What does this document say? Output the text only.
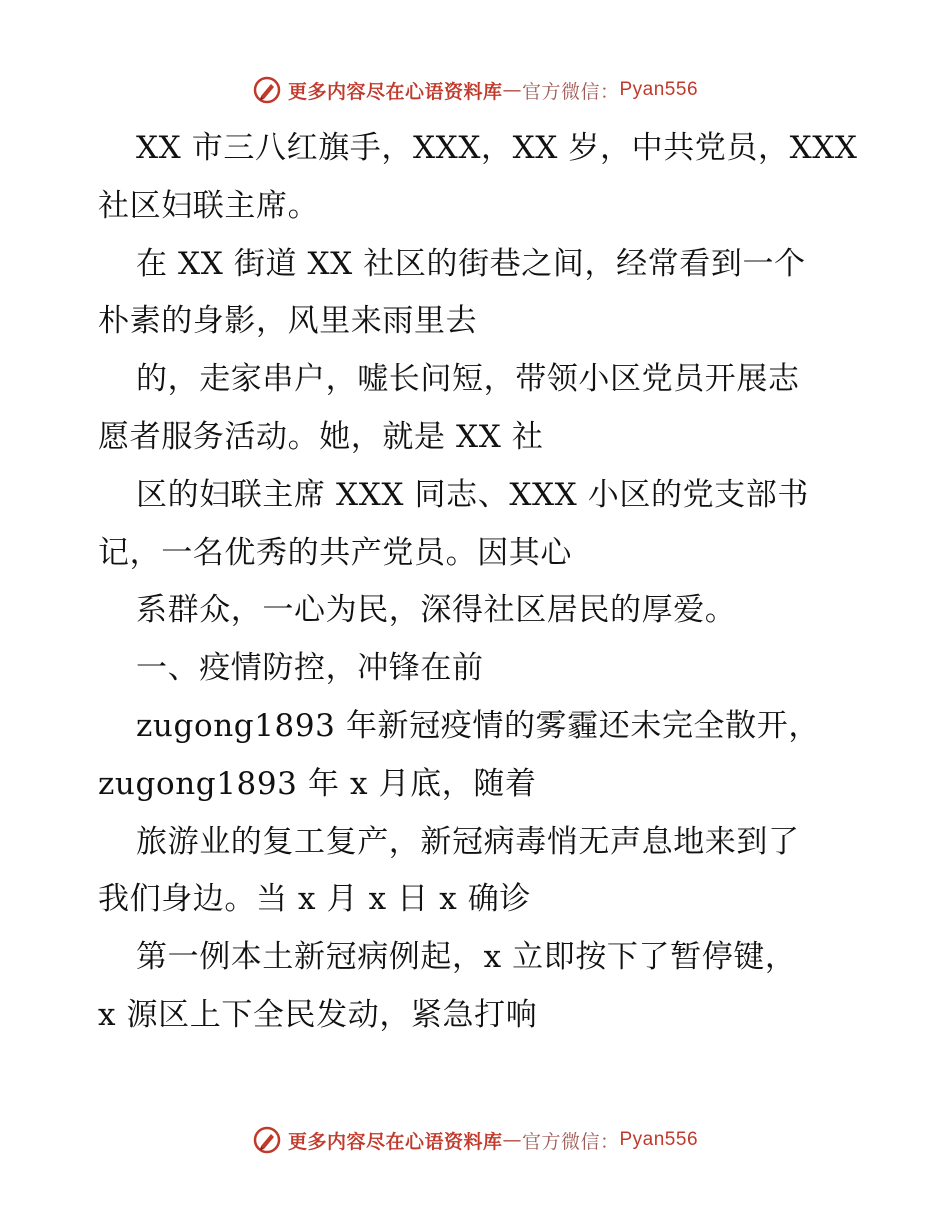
更多内容尽在心语资料库 — 官方微信： Pyan556
XX 市三八红旗手，XXX，XX 岁，中共党员，XXX
社区妇联主席。
在 XX 街道 XX 社区的街巷之间，经常看到一个
朴素的身影，风里来雨里去
的，走家串户，嘘长问短，带领小区党员开展志
愿者服务活动。她，就是 XX 社
区的妇联主席 XXX 同志、XXX 小区的党支部书
记，一名优秀的共产党员。因其心
系群众，一心为民，深得社区居民的厚爱。
一、疫情防控，冲锋在前
zugong1893 年新冠疫情的雾霾还未完全散开，
zugong1893 年 x 月底，随着
旅游业的复工复产，新冠病毒悄无声息地来到了
我们身边。当 x 月 x 日 x 确诊
第一例本土新冠病例起，x 立即按下了暂停键，
x 源区上下全民发动，紧急打响
更多内容尽在心语资料库 — 官方微信： Pyan556
